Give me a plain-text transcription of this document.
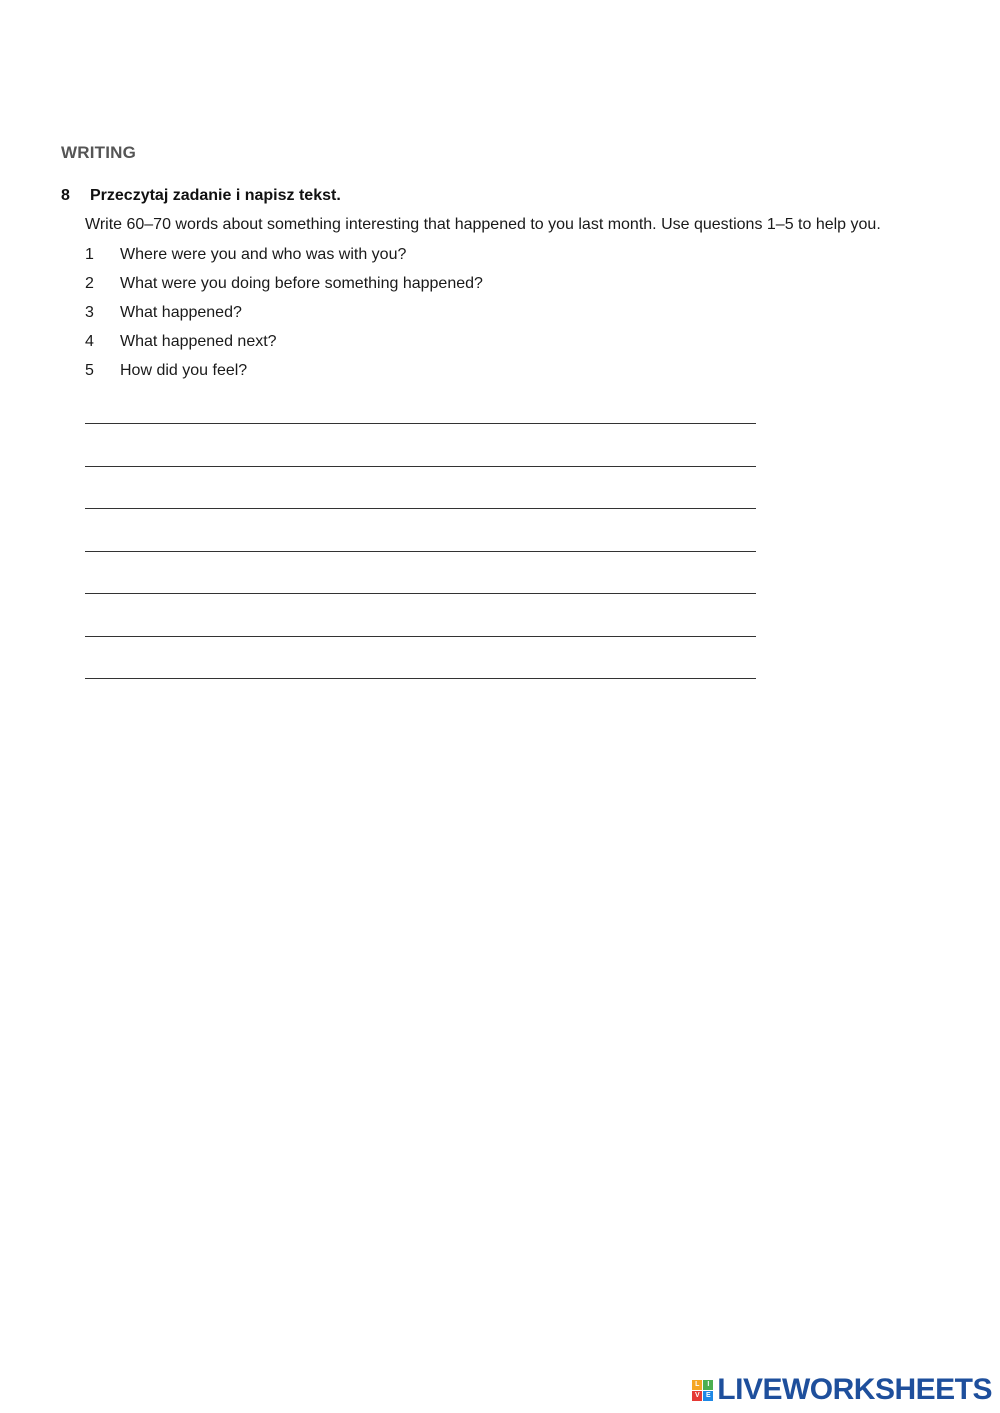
WRITING
8 Przeczytaj zadanie i napisz tekst.
Write 60–70 words about something interesting that happened to you last month. Use questions 1–5 to help you.
1 Where were you and who was with you?
2 What were you doing before something happened?
3 What happened?
4 What happened next?
5 How did you feel?
L	I
V E LIVEWORKSHEETS
